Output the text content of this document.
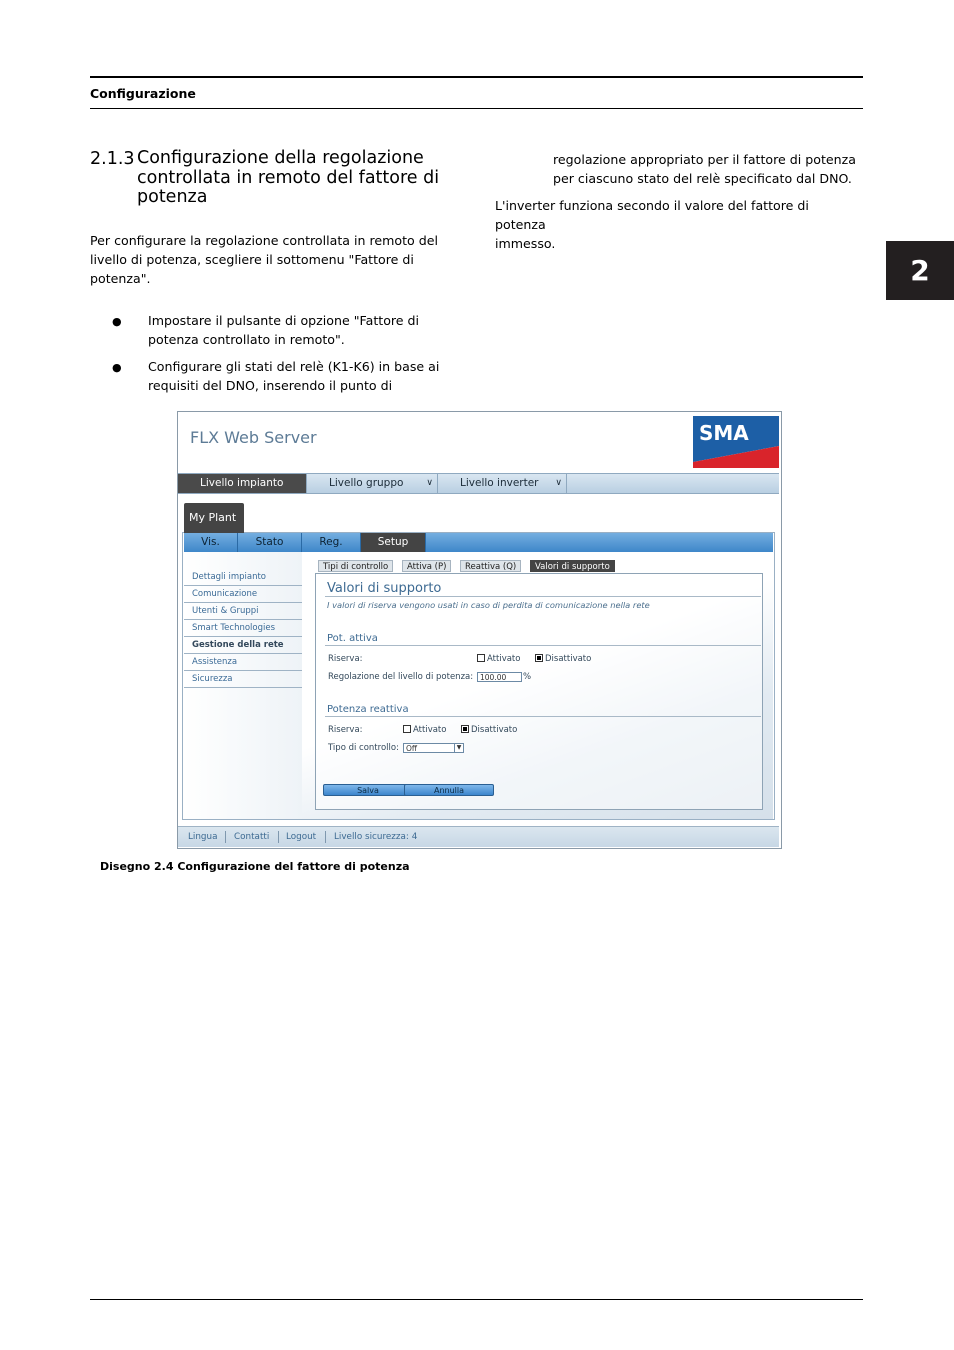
Configurazione
2
2.1.3 Configurazione della regolazione
controllata in remoto del fattore di
potenza
Per configurare la regolazione controllata in remoto del
livello di potenza, scegliere il sottomenu "Fattore di
potenza".
● Impostare il pulsante di opzione "Fattore di
potenza controllato in remoto".
● Configurare gli stati del relè (K1-K6) in base ai
requisiti del DNO, inserendo il punto di
regolazione appropriato per il fattore di potenza
per ciascuno stato del relè specificato dal DNO.
L'inverter funziona secondo il valore del fattore di potenza
immesso.
FLX Web Server	SMA
Livello impianto	Livello gruppo	∨	Livello inverter ∨
My Plant
Vis.	Stato	Reg.	Setup
Dettagli impianto
Comunicazione
Utenti & Gruppi
Smart Technologies
Gestione della rete
Assistenza
Sicurezza
Tipi di controllo	Attiva (P)	Reattiva (Q)	Valori di supporto
Valori di supporto
I valori di riserva vengono usati in caso di perdita di comunicazione nella rete
Pot. attiva
Riserva:	Attivato	Disattivato
Regolazione del livello di potenza: 100.00	%
Potenza reattiva
Riserva:	Attivato	Disattivato
Tipo di controllo: Off	▼
Salva	Annulla
Lingua Contatti Logout Livello sicurezza: 4
Disegno 2.4 Configurazione del fattore di potenza
